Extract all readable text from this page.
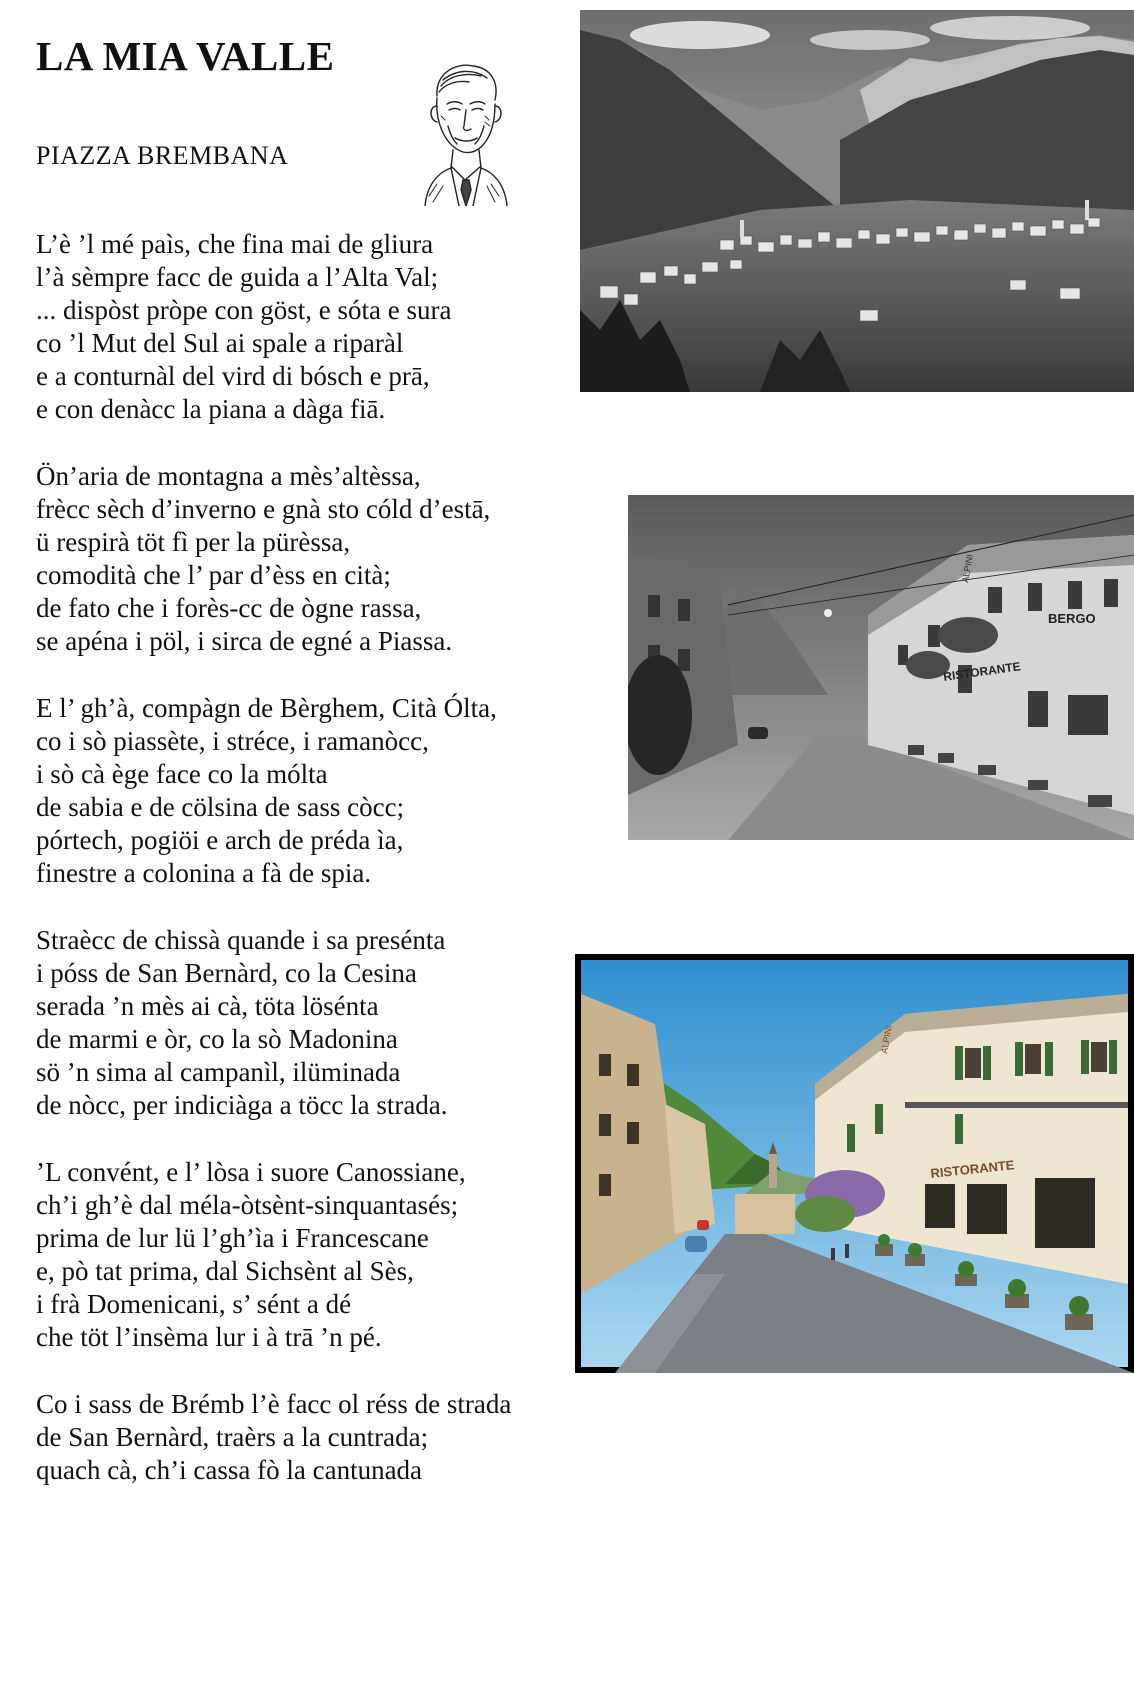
LA MIA VALLE
PIAZZA BREMBANA
L’è ’l mé paìs, che fina mai de gliura
l’à sèmpre facc de guida a l’Alta Val;
... dispòst pròpe con göst, e sóta e sura
co ’l Mut del Sul ai spale a riparàl
e a conturnàl del vird di bósch e prā,
e con denàcc la piana a dàga fiā.
Ön’aria de montagna a mès’altèssa,
frècc sèch d’inverno e gnà sto cóld d’estā,
ü respirà töt fì per la pürèssa,
comodità che l’ par d’èss en cità;
de fato che i forès-cc de ògne rassa,
se apéna i pöl, i sirca de egné a Piassa.
E l’ gh’à, compàgn de Bèrghem, Cità Ólta,
co i sò piassète, i stréce, i ramanòcc,
i sò cà ège face co la mólta
de sabia e de cölsina de sass còcc;
pórtech, pogiöi e arch de préda ìa,
finestre a colonina a fà de spia.
Straècc de chissà quande i sa presénta
i póss de San Bernàrd, co la Cesina
serada ’n mès ai cà, töta lösénta
de marmi e òr, co la sò Madonina
sö ’n sima al campanìl, ilüminada
de nòcc, per indiciàga a töcc la strada.
’L convént, e l’ lòsa i suore Canossiane,
ch’i gh’è dal méla-òtsènt-sinquantasés;
prima de lur lü l’gh’ìa i Francescane
e, pò tat prima, dal Sichsènt al Sès,
i frà Domenicani, s’ sént a dé
che töt l’insèma lur i à trā ’n pé.
Co i sass de Brémb l’è facc ol réss de strada
de San Bernàrd, traèrs a la cuntrada;
quach cà, ch’i cassa fò la cantunada
BERGO
RISTORANTE
ALPINI
RISTORANTE
ALPINI
